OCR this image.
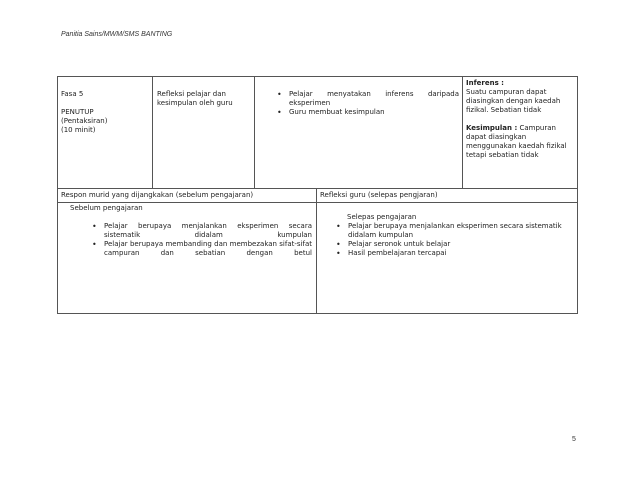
Panitia Sains/MWM/SMS BANTING
Fasa 5
PENUTUP
(Pentaksiran)
(10 minit)
Refleksi pelajar dan kesimpulan oleh guru
• Pelajar menyatakan inferens daripada eksperimen
• Guru membuat kesimpulan
Inferens :
Suatu campuran dapat diasingkan dengan kaedah fizikal. Sebatian tidak
Kesimpulan : Campuran dapat diasingkan menggunakan kaedah fizikal tetapi sebatian tidak
Respon murid yang dijangkakan (sebelum pengajaran)	Refleksi guru (selepas pengjaran)
Sebelum pengajaran
• Pelajar berupaya menjalankan eksperimen secara sistematik didalam kumpulan
• Pelajar berupaya membanding dan membezakan sifat-sifat campuran dan sebatian dengan betul
Selepas pengajaran
• Pelajar berupaya menjalankan eksperimen secara sistematik didalam kumpulan
• Pelajar seronok untuk belajar
• Hasil pembelajaran tercapai
5
